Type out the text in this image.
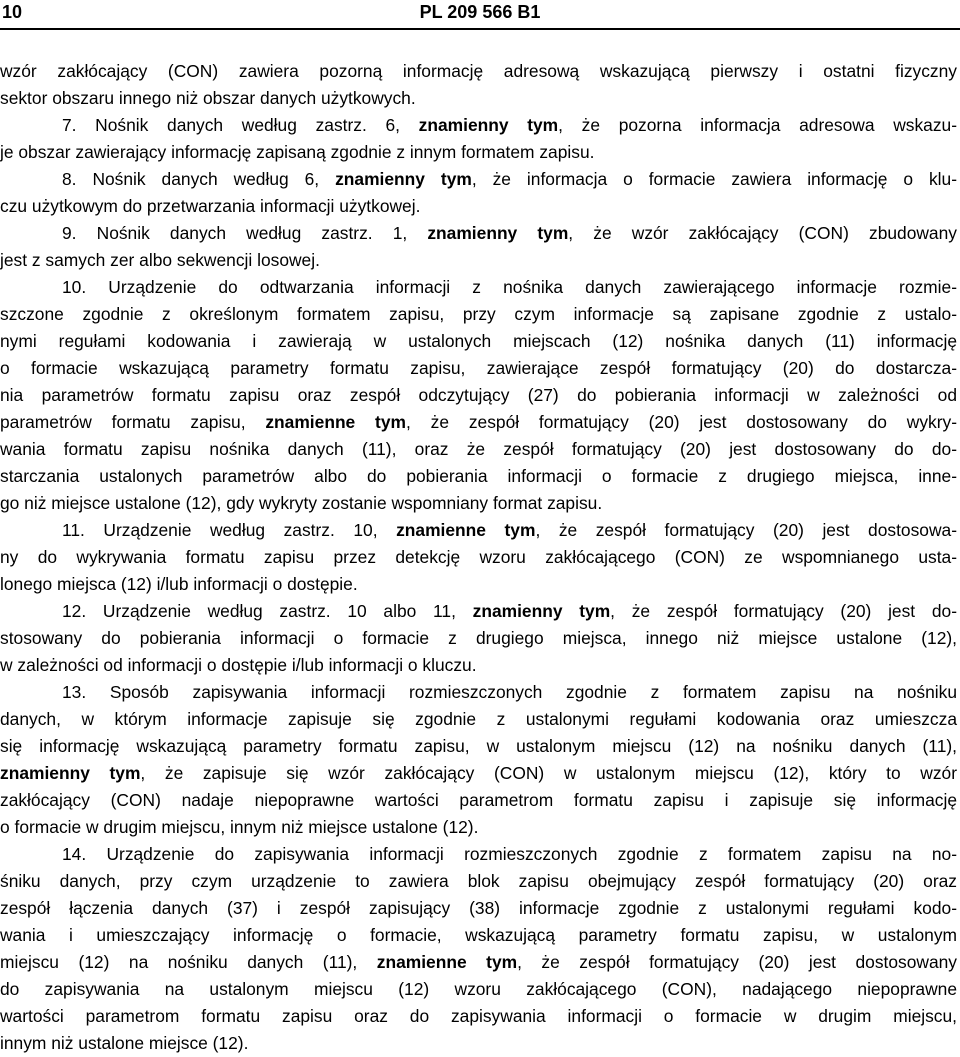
10	PL 209 566 B1
wzór zakłócający (CON) zawiera pozorną informację adresową wskazującą pierwszy i ostatni fizyczny
sektor obszaru innego niż obszar danych użytkowych.
7. Nośnik danych według zastrz. 6, znamienny tym, że pozorna informacja adresowa wskazu-
je obszar zawierający informację zapisaną zgodnie z innym formatem zapisu.
8. Nośnik danych według 6, znamienny tym, że informacja o formacie zawiera informację o klu-
czu użytkowym do przetwarzania informacji użytkowej.
9. Nośnik danych według zastrz. 1, znamienny tym, że wzór zakłócający (CON) zbudowany
jest z samych zer albo sekwencji losowej.
10. Urządzenie do odtwarzania informacji z nośnika danych zawierającego informacje rozmie-
szczone zgodnie z określonym formatem zapisu, przy czym informacje są zapisane zgodnie z ustalo-
nymi regułami kodowania i zawierają w ustalonych miejscach (12) nośnika danych (11) informację
o formacie wskazującą parametry formatu zapisu, zawierające zespół formatujący (20) do dostarcza-
nia parametrów formatu zapisu oraz zespół odczytujący (27) do pobierania informacji w zależności od
parametrów formatu zapisu, znamienne tym, że zespół formatujący (20) jest dostosowany do wykry-
wania formatu zapisu nośnika danych (11), oraz że zespół formatujący (20) jest dostosowany do do-
starczania ustalonych parametrów albo do pobierania informacji o formacie z drugiego miejsca, inne-
go niż miejsce ustalone (12), gdy wykryty zostanie wspomniany format zapisu.
11. Urządzenie według zastrz. 10, znamienne tym, że zespół formatujący (20) jest dostosowa-
ny do wykrywania formatu zapisu przez detekcję wzoru zakłócającego (CON) ze wspomnianego usta-
lonego miejsca (12) i/lub informacji o dostępie.
12. Urządzenie według zastrz. 10 albo 11, znamienny tym, że zespół formatujący (20) jest do-
stosowany do pobierania informacji o formacie z drugiego miejsca, innego niż miejsce ustalone (12),
w zależności od informacji o dostępie i/lub informacji o kluczu.
13. Sposób zapisywania informacji rozmieszczonych zgodnie z formatem zapisu na nośniku
danych, w którym informacje zapisuje się zgodnie z ustalonymi regułami kodowania oraz umieszcza
się informację wskazującą parametry formatu zapisu, w ustalonym miejscu (12) na nośniku danych (11),
znamienny tym, że zapisuje się wzór zakłócający (CON) w ustalonym miejscu (12), który to wzór
zakłócający (CON) nadaje niepoprawne wartości parametrom formatu zapisu i zapisuje się informację
o formacie w drugim miejscu, innym niż miejsce ustalone (12).
14. Urządzenie do zapisywania informacji rozmieszczonych zgodnie z formatem zapisu na no-
śniku danych, przy czym urządzenie to zawiera blok zapisu obejmujący zespół formatujący (20) oraz
zespół łączenia danych (37) i zespół zapisujący (38) informacje zgodnie z ustalonymi regułami kodo-
wania i umieszczający informację o formacie, wskazującą parametry formatu zapisu, w ustalonym
miejscu (12) na nośniku danych (11), znamienne tym, że zespół formatujący (20) jest dostosowany
do zapisywania na ustalonym miejscu (12) wzoru zakłócającego (CON), nadającego niepoprawne
wartości parametrom formatu zapisu oraz do zapisywania informacji o formacie w drugim miejscu,
innym niż ustalone miejsce (12).
